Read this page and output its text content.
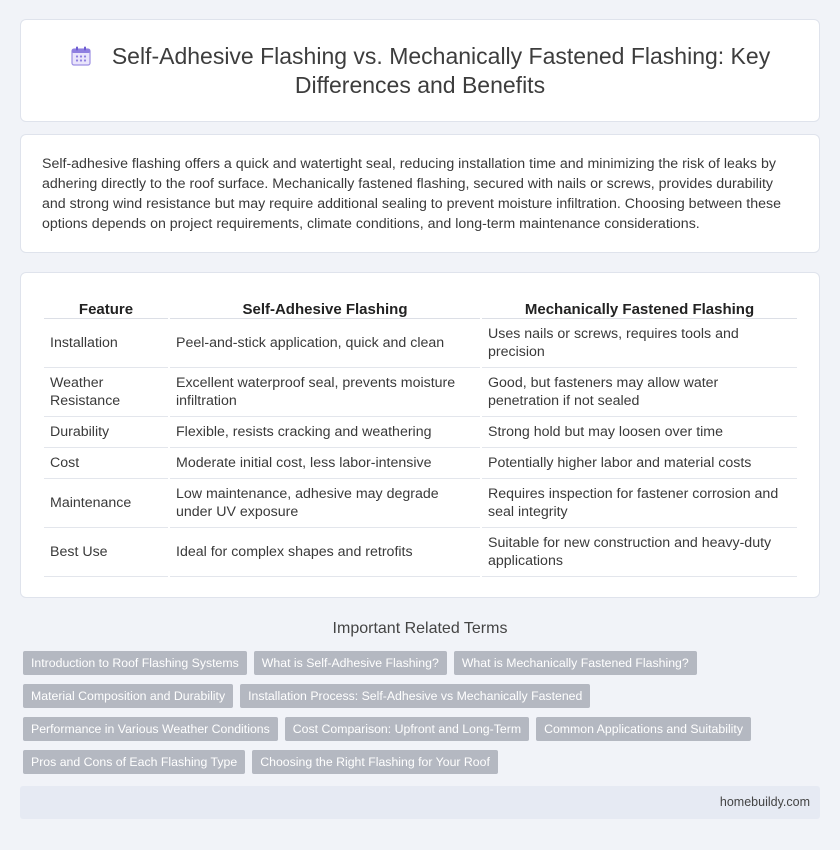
Self-Adhesive Flashing vs. Mechanically Fastened Flashing: Key Differences and Benefits

Self-adhesive flashing offers a quick and watertight seal, reducing installation time and minimizing the risk of leaks by adhering directly to the roof surface. Mechanically fastened flashing, secured with nails or screws, provides durability and strong wind resistance but may require additional sealing to prevent moisture infiltration. Choosing between these options depends on project requirements, climate conditions, and long-term maintenance considerations.

Feature	Self-Adhesive Flashing	Mechanically Fastened Flashing
Installation	Peel-and-stick application, quick and clean	Uses nails or screws, requires tools and precision
Weather Resistance	Excellent waterproof seal, prevents moisture infiltration	Good, but fasteners may allow water penetration if not sealed
Durability	Flexible, resists cracking and weathering	Strong hold but may loosen over time
Cost	Moderate initial cost, less labor-intensive	Potentially higher labor and material costs
Maintenance	Low maintenance, adhesive may degrade under UV exposure	Requires inspection for fastener corrosion and seal integrity
Best Use	Ideal for complex shapes and retrofits	Suitable for new construction and heavy-duty applications
Important Related Terms
Introduction to Roof Flashing Systems	What is Self-Adhesive Flashing?	What is Mechanically Fastened Flashing?
Material Composition and Durability	Installation Process: Self-Adhesive vs Mechanically Fastened
Performance in Various Weather Conditions	Cost Comparison: Upfront and Long-Term	Common Applications and Suitability
Pros and Cons of Each Flashing Type	Choosing the Right Flashing for Your Roof
homebuildy.com
